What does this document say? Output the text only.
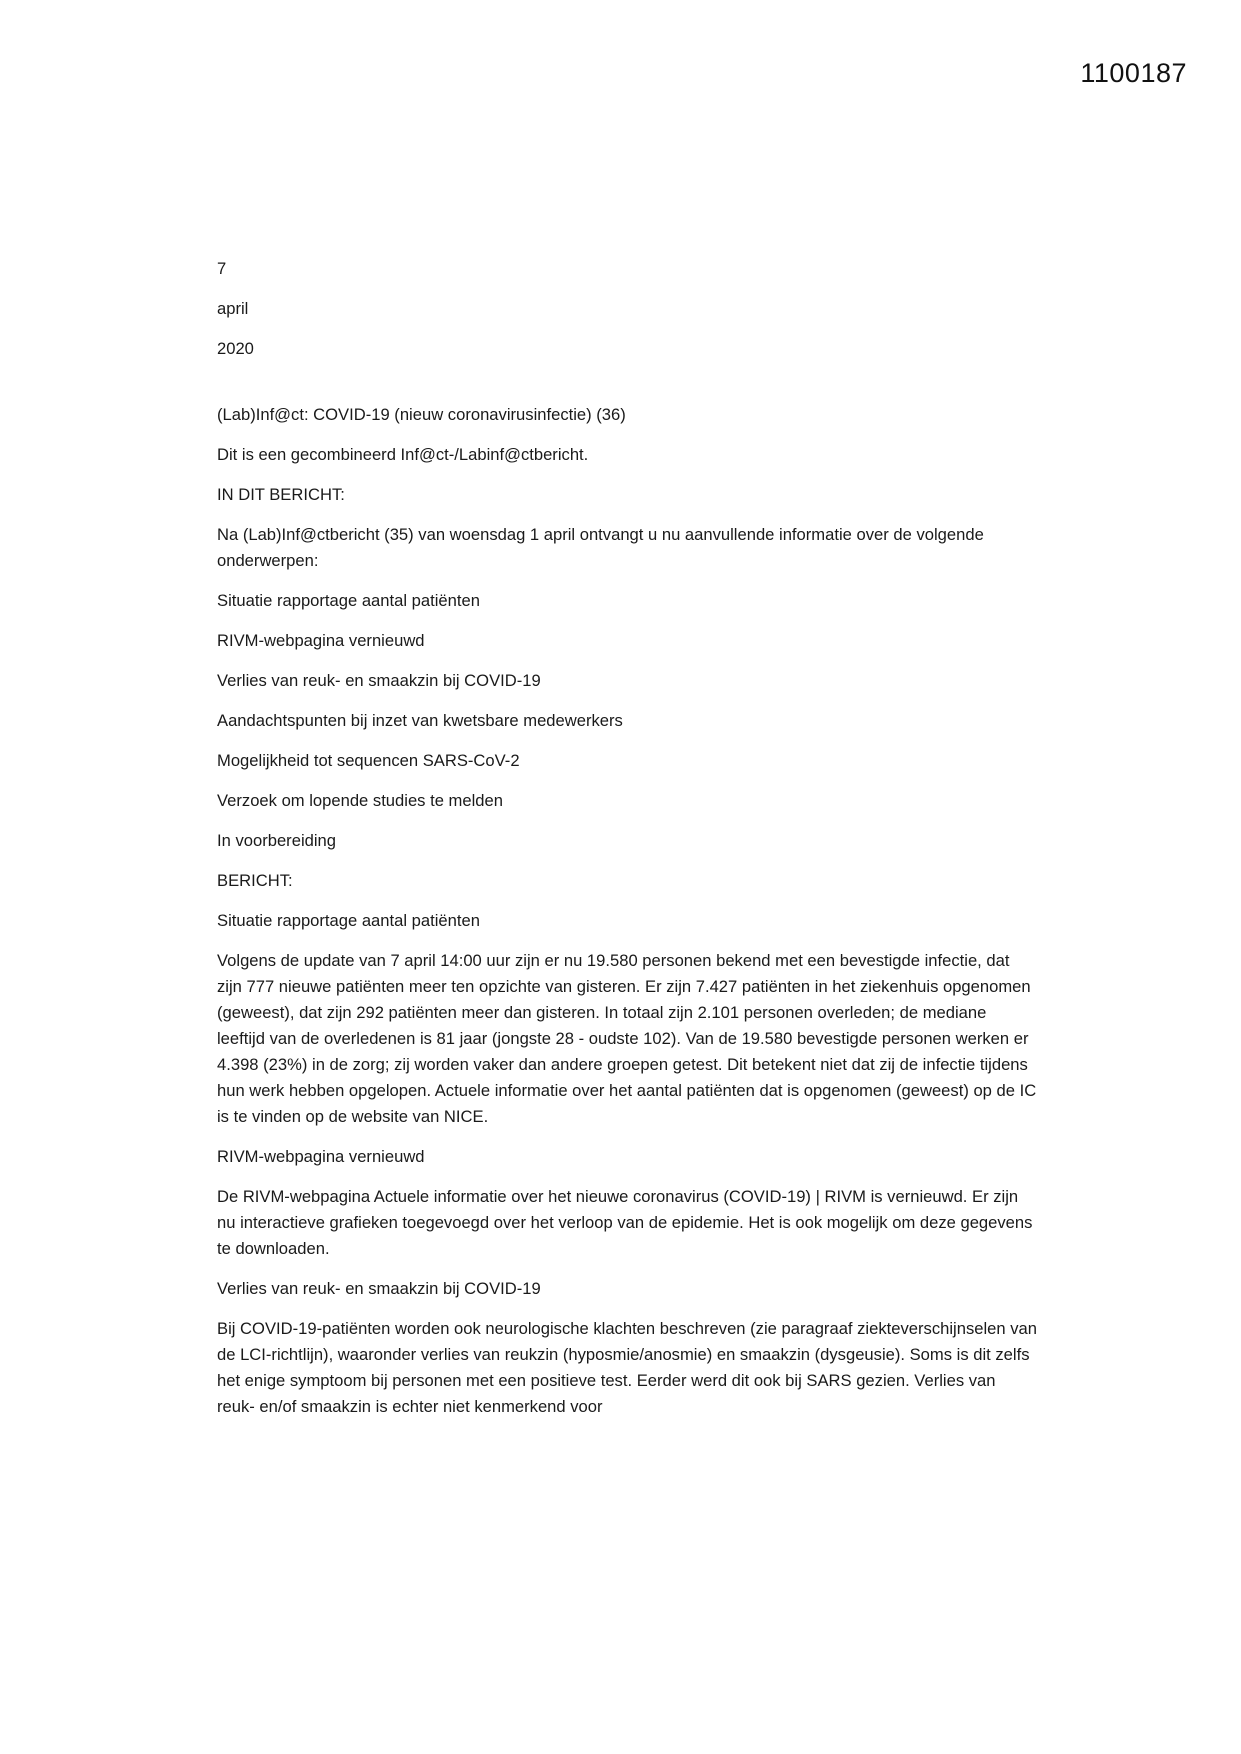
1100187
7
april
2020
(Lab)Inf@ct: COVID-19 (nieuw coronavirusinfectie) (36)
Dit is een gecombineerd Inf@ct-/Labinf@ctbericht.
IN DIT BERICHT:
Na (Lab)Inf@ctbericht (35) van woensdag 1 april ontvangt u nu aanvullende informatie over de volgende onderwerpen:
Situatie rapportage aantal patiënten
RIVM-webpagina vernieuwd
Verlies van reuk- en smaakzin bij COVID-19
Aandachtspunten bij inzet van kwetsbare medewerkers
Mogelijkheid tot sequencen SARS-CoV-2
Verzoek om lopende studies te melden
In voorbereiding
BERICHT:
Situatie rapportage aantal patiënten
Volgens de update van 7 april 14:00 uur zijn er nu 19.580 personen bekend met een bevestigde infectie, dat zijn 777 nieuwe patiënten meer ten opzichte van gisteren. Er zijn 7.427 patiënten in het ziekenhuis opgenomen (geweest), dat zijn 292 patiënten meer dan gisteren. In totaal zijn 2.101 personen overleden; de mediane leeftijd van de overledenen is 81 jaar (jongste 28 - oudste 102). Van de 19.580 bevestigde personen werken er 4.398 (23%) in de zorg; zij worden vaker dan andere groepen getest. Dit betekent niet dat zij de infectie tijdens hun werk hebben opgelopen. Actuele informatie over het aantal patiënten dat is opgenomen (geweest) op de IC is te vinden op de website van NICE.
RIVM-webpagina vernieuwd
De RIVM-webpagina Actuele informatie over het nieuwe coronavirus (COVID-19) | RIVM is vernieuwd. Er zijn nu interactieve grafieken toegevoegd over het verloop van de epidemie. Het is ook mogelijk om deze gegevens te downloaden.
Verlies van reuk- en smaakzin bij COVID-19
Bij COVID-19-patiënten worden ook neurologische klachten beschreven (zie paragraaf ziekteverschijnselen van de LCI-richtlijn), waaronder verlies van reukzin (hyposmie/anosmie) en smaakzin (dysgeusie). Soms is dit zelfs het enige symptoom bij personen met een positieve test. Eerder werd dit ook bij SARS gezien. Verlies van reuk- en/of smaakzin is echter niet kenmerkend voor
